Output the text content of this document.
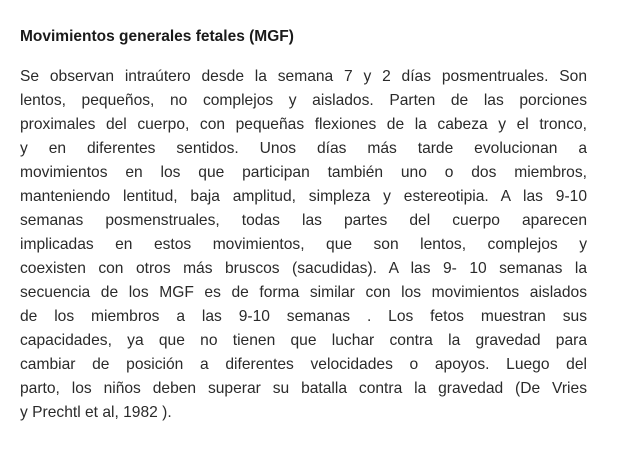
Movimientos generales fetales (MGF)

Se observan intraútero desde la semana 7 y 2 días posmentruales. Son
lentos, pequeños, no complejos y aislados. Parten de las porciones
proximales del cuerpo, con pequeñas flexiones de la cabeza y el tronco,
y en diferentes sentidos. Unos días más tarde evolucionan a
movimientos en los que participan también uno o dos miembros,
manteniendo lentitud, baja amplitud, simpleza y estereotipia. A las 9-10
semanas posmenstruales, todas las partes del cuerpo aparecen
implicadas en estos movimientos, que son lentos, complejos y
coexisten con otros más bruscos (sacudidas). A las 9- 10 semanas la
secuencia de los MGF es de forma similar con los movimientos aislados
de los miembros a las 9-10 semanas . Los fetos muestran sus
capacidades, ya que no tienen que luchar contra la gravedad para
cambiar de posición a diferentes velocidades o apoyos. Luego del
parto, los niños deben superar su batalla contra la gravedad (De Vries
y Prechtl et al, 1982 ).
